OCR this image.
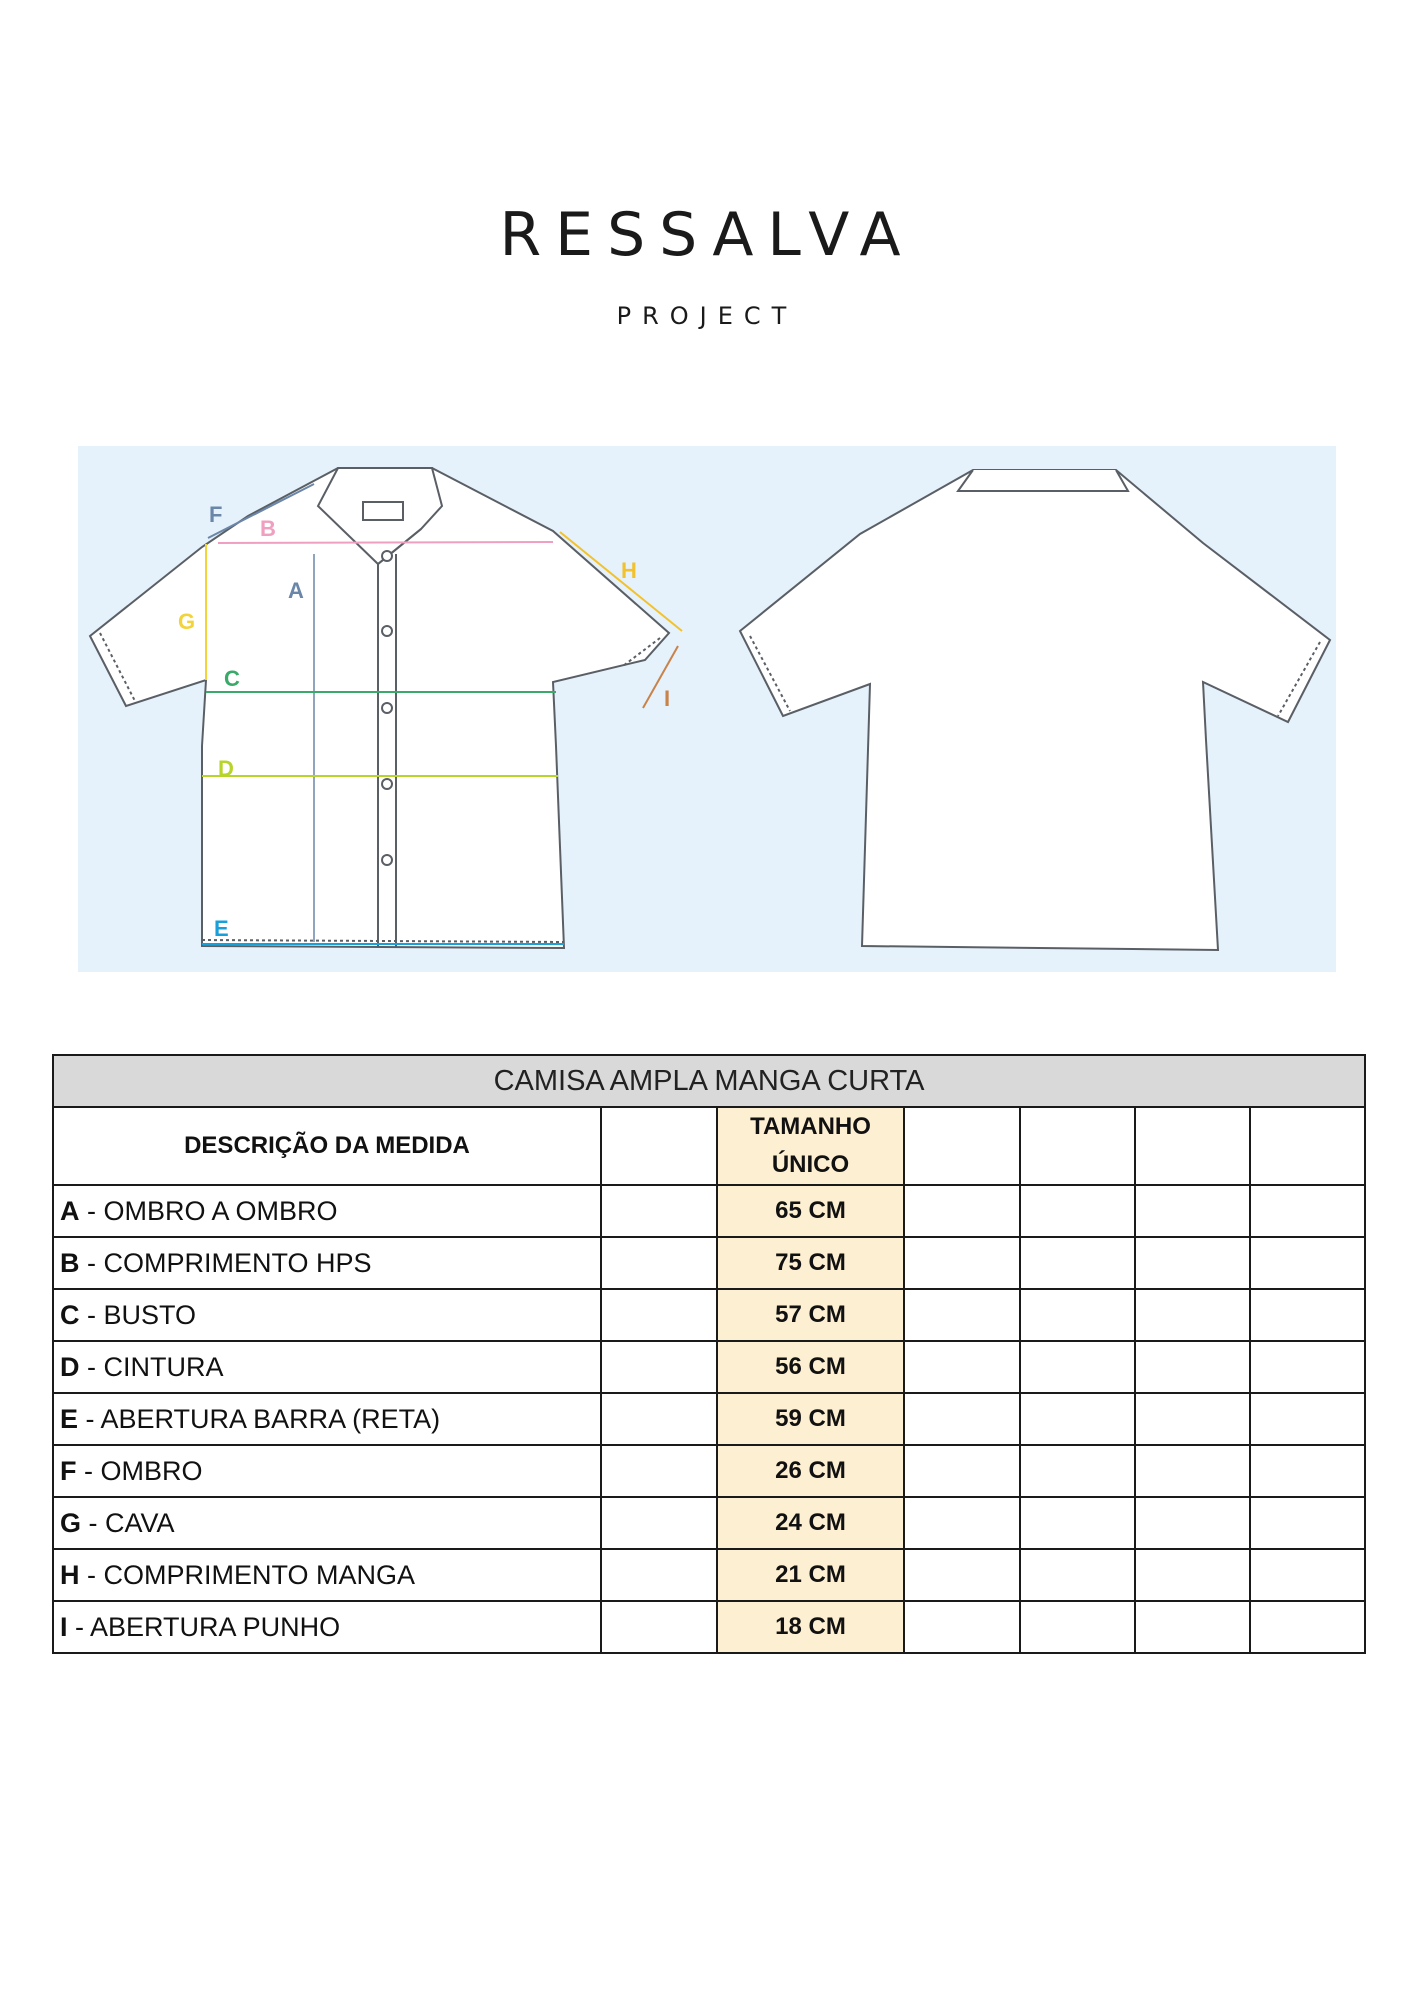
RESSALVA
PROJECT
F
B
A
G
C
D
E
H
I
CAMISA AMPLA MANGA CURTA						
DESCRIÇÃO DA MEDIDA		TAMANHO
ÚNICO				

A - OMBRO A OMBRO		65 CM				
B - COMPRIMENTO HPS		75 CM				
C - BUSTO		57 CM				
D - CINTURA		56 CM				
E - ABERTURA BARRA (RETA)		59 CM				
F - OMBRO		26 CM				
G - CAVA		24 CM				
H - COMPRIMENTO MANGA		21 CM				
I - ABERTURA PUNHO		18 CM				
